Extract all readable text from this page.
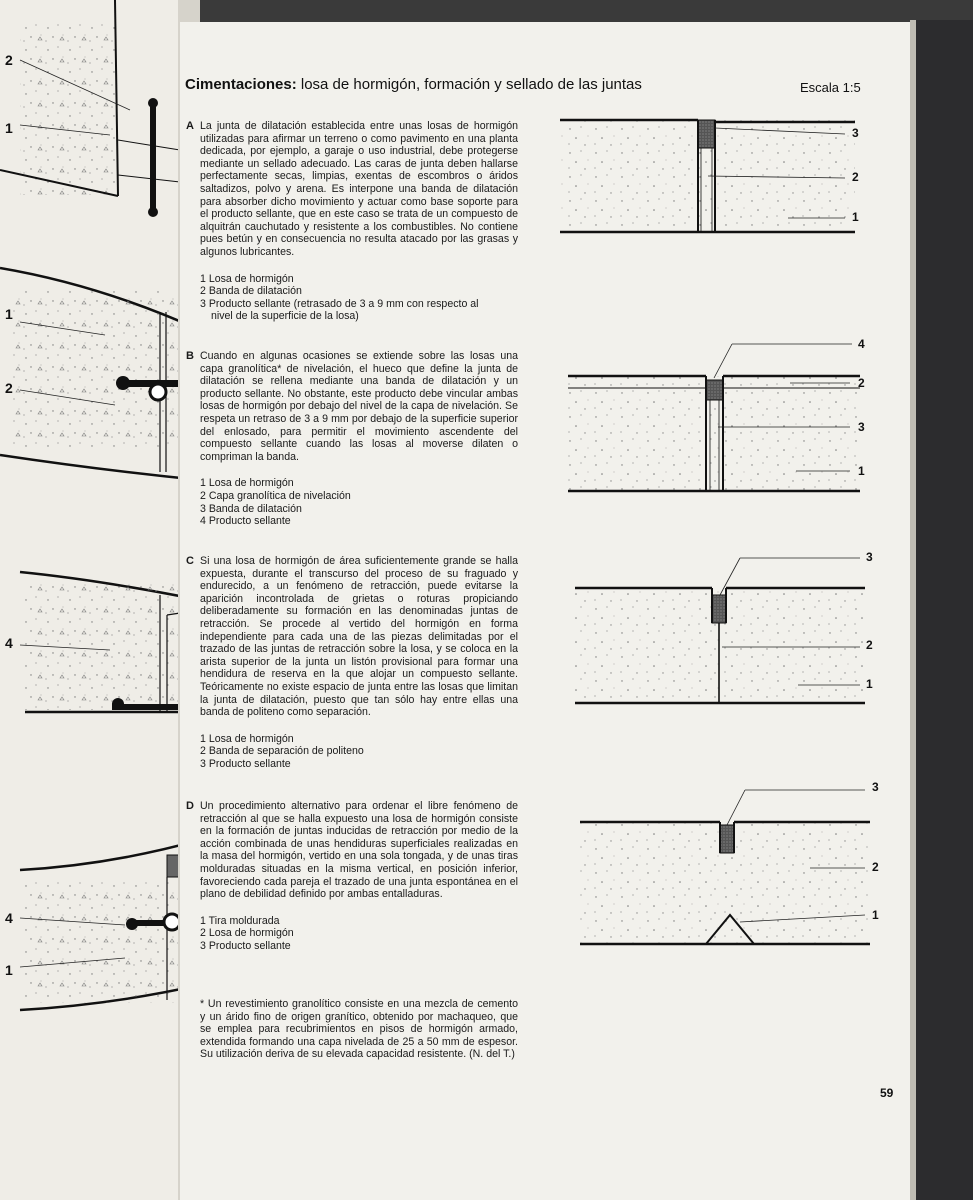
2
1
1
2
4
4
1
Cimentaciones: losa de hormigón, formación y sellado de las juntas	Escala 1:5
A La junta de dilatación establecida entre unas losas de hormigón utilizadas para afirmar un terreno o como pavimento en una planta dedicada, por ejemplo, a garaje o uso industrial, debe protegerse mediante un sellado adecuado. Las caras de junta deben hallarse perfectamente secas, limpias, exentas de escombros o áridos saltadizos, polvo y arena. Es interpone una banda de dilatación para absorber dicho movimiento y actuar como base soporte para el producto sellante, que en este caso se trata de un compuesto de alquitrán cauchutado y resistente a los combustibles. No contiene pues betún y en consecuencia no resulta atacado por las grasas y algunos lubricantes.

1 Losa de hormigón
2 Banda de dilatación
3 Producto sellante (retrasado de 3 a 9 mm con respecto al
nivel de la superficie de la losa)
B Cuando en algunas ocasiones se extiende sobre las losas una capa granolítica* de nivelación, el hueco que define la junta de dilatación se rellena mediante una banda de dilatación y un producto sellante. No obstante, este producto debe vincular ambas losas de hormigón por debajo del nivel de la capa de nivelación. Se respeta un retraso de 3 a 9 mm por debajo de la superficie superior del enlosado, para permitir el movimiento ascendente del compuesto sellante cuando las losas al moverse dilaten o compriman la banda.

1 Losa de hormigón
2 Capa granolítica de nivelación
3 Banda de dilatación
4 Producto sellante
C Si una losa de hormigón de área suficientemente grande se halla expuesta, durante el transcurso del proceso de su fraguado y endurecido, a un fenómeno de retracción, puede evitarse la aparición incontrolada de grietas o roturas propiciando deliberadamente su formación en las denominadas juntas de retracción. Se procede al vertido del hormigón en forma independiente para cada una de las piezas delimitadas por el trazado de las juntas de retracción sobre la losa, y se coloca en la arista superior de la junta un listón provisional para formar una hendidura de reserva en la que alojar un compuesto sellante. Teóricamente no existe espacio de junta entre las losas que limitan la junta de dilatación, puesto que tan sólo hay entre ellas una banda de politeno como separación.

1 Losa de hormigón
2 Banda de separación de politeno
3 Producto sellante
D Un procedimiento alternativo para ordenar el libre fenómeno de retracción al que se halla expuesto una losa de hormigón consiste en la formación de juntas inducidas de retracción por medio de la acción combinada de unas hendiduras superficiales realizadas en la masa del hormigón, vertido en una sola tongada, y de unas tiras molduradas situadas en la misma vertical, en posición inferior, favoreciendo cada pareja el trazado de una junta espontánea en el plano de debilidad definido por ambas entalladuras.

1 Tira moldurada
2 Losa de hormigón
3 Producto sellante
* Un revestimiento granolítico consiste en una mezcla de cemento y un árido fino de origen granítico, obtenido por machaqueo, que se emplea para recubrimientos en pisos de hormigón armado, extendida formando una capa nivelada de 25 a 50 mm de espesor. Su utilización deriva de su elevada capacidad resistente. (N. del T.)
59
3
2
1
4
2
3
1
3
2
1
3
2
1
